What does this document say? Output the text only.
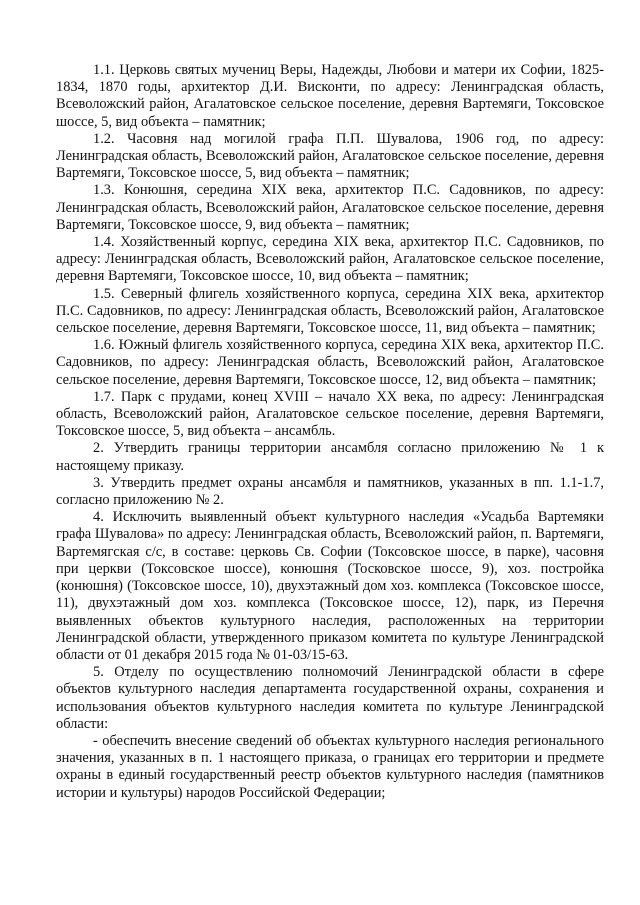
1.1. Церковь святых мучениц Веры, Надежды, Любови и матери их Софии, 1825-1834, 1870 годы, архитектор Д.И. Висконти, по адресу: Ленинградская область, Всеволожский район, Агалатовское сельское поселение, деревня Вартемяги, Токсовское шоссе, 5, вид объекта – памятник;

1.2. Часовня над могилой графа П.П. Шувалова, 1906 год, по адресу: Ленинградская область, Всеволожский район, Агалатовское сельское поселение, деревня Вартемяги, Токсовское шоссе, 5, вид объекта – памятник;

1.3. Конюшня, середина XIX века, архитектор П.С. Садовников, по адресу: Ленинградская область, Всеволожский район, Агалатовское сельское поселение, деревня Вартемяги, Токсовское шоссе, 9, вид объекта – памятник;

1.4. Хозяйственный корпус, середина XIX века, архитектор П.С. Садовников, по адресу: Ленинградская область, Всеволожский район, Агалатовское сельское поселение, деревня Вартемяги, Токсовское шоссе, 10, вид объекта – памятник;

1.5. Северный флигель хозяйственного корпуса, середина XIX века, архитектор П.С. Садовников, по адресу: Ленинградская область, Всеволожский район, Агалатовское сельское поселение, деревня Вартемяги, Токсовское шоссе, 11, вид объекта – памятник;

1.6. Южный флигель хозяйственного корпуса, середина XIX века, архитектор П.С. Садовников, по адресу: Ленинградская область, Всеволожский район, Агалатовское сельское поселение, деревня Вартемяги, Токсовское шоссе, 12, вид объекта – памятник;

1.7. Парк с прудами, конец XVIII – начало XX века, по адресу: Ленинградская область, Всеволожский район, Агалатовское сельское поселение, деревня Вартемяги, Токсовское шоссе, 5, вид объекта – ансамбль.

2. Утвердить границы территории ансамбля согласно приложению № 1 к настоящему приказу.

3. Утвердить предмет охраны ансамбля и памятников, указанных в пп. 1.1-1.7, согласно приложению № 2.

4. Исключить выявленный объект культурного наследия «Усадьба Вартемяки графа Шувалова» по адресу: Ленинградская область, Всеволожский район, п. Вартемяги, Вартемягская с/с, в составе: церковь Св. Софии (Токсовское шоссе, в парке), часовня при церкви (Токсовское шоссе), конюшня (Тосковское шоссе, 9), хоз. постройка (конюшня) (Токсовское шоссе, 10), двухэтажный дом хоз. комплекса (Токсовское шоссе, 11), двухэтажный дом хоз. комплекса (Токсовское шоссе, 12), парк, из Перечня выявленных объектов культурного наследия, расположенных на территории Ленинградской области, утвержденного приказом комитета по культуре Ленинградской области от 01 декабря 2015 года № 01-03/15-63.

5. Отделу по осуществлению полномочий Ленинградской области в сфере объектов культурного наследия департамента государственной охраны, сохранения и использования объектов культурного наследия комитета по культуре Ленинградской области:

- обеспечить внесение сведений об объектах культурного наследия регионального значения, указанных в п. 1 настоящего приказа, о границах его территории и предмете охраны в единый государственный реестр объектов культурного наследия (памятников истории и культуры) народов Российской Федерации;
